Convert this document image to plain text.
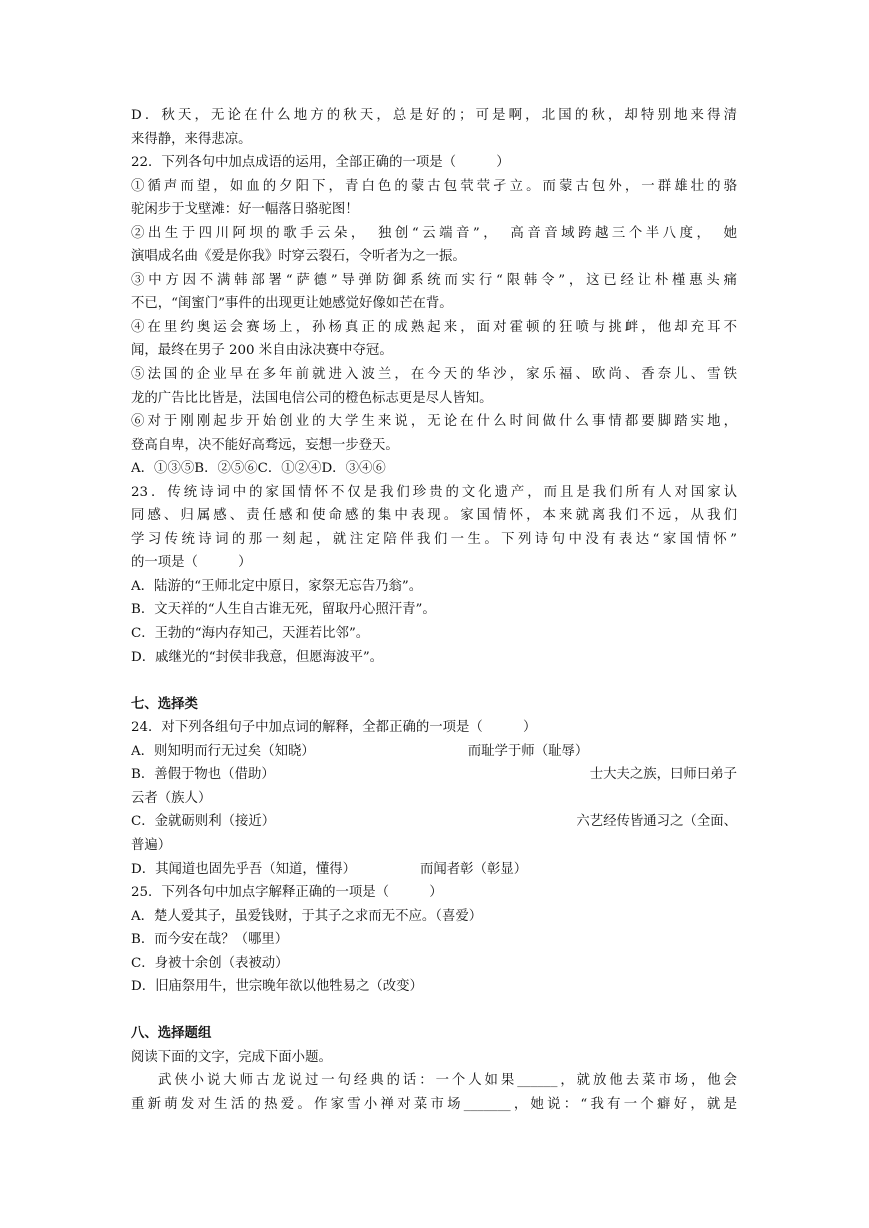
D．秋天，无论在什么地方的秋天，总是好的；可是啊，北国的秋，却特别地来得清
来得静，来得悲凉。
22．下列各句中加点成语的运用，全部正确的一项是（　　　）
①循声而望，如血的夕阳下，青白色的蒙古包茕茕孑立。而蒙古包外，一群雄壮的骆
驼闲步于戈壁滩：好一幅落日骆驼图！
②出生于四川阿坝的歌手云朵，　独创“云端音”，　高音音域跨越三个半八度，　她
演唱成名曲《爱是你我》时穿云裂石，令听者为之一振。
③中方因不满韩部署“萨德”导弹防御系统而实行“限韩令”，这已经让朴槿惠头痛
不已，“闺蜜门”事件的出现更让她感觉好像如芒在背。
④在里约奥运会赛场上，孙杨真正的成熟起来，面对霍顿的狂喷与挑衅，他却充耳不
闻，最终在男子 200 米自由泳决赛中夺冠。
⑤法国的企业早在多年前就进入波兰，在今天的华沙，家乐福、欧尚、香奈儿、雪铁
龙的广告比比皆是，法国电信公司的橙色标志更是尽人皆知。
⑥对于刚刚起步开始创业的大学生来说，无论在什么时间做什么事情都要脚踏实地，
登高自卑，决不能好高骛远，妄想一步登天。
A．①③⑤B．②⑤⑥C．①②④D．③④⑥
23．传统诗词中的家国情怀不仅是我们珍贵的文化遗产，而且是我们所有人对国家认
同感、归属感、责任感和使命感的集中表现。家国情怀，本来就离我们不远，从我们
学习传统诗词的那一刻起，就注定陪伴我们一生。下列诗句中没有表达“家国情怀”
的一项是（　　　）
A．陆游的“王师北定中原日，家祭无忘告乃翁”。
B．文天祥的“人生自古谁无死，留取丹心照汗青”。
C．王勃的“海内存知己，天涯若比邻”。
D．戚继光的“封侯非我意，但愿海波平”。
七、选择类
24．对下列各组句子中加点词的解释，全都正确的一项是（　　　）
A．则知明而行无过矣（知晓）	而耻学于师（耻辱）
B．善假于物也（借助）	士大夫之族，曰师曰弟子
云者（族人）
C．金就砺则利（接近）	六艺经传皆通习之（全面、
普遍）
D．其闻道也固先乎吾（知道，懂得）	而闻者彰（彰显）
25．下列各句中加点字解释正确的一项是（　　　）
A．楚人爱其子，虽爱钱财，于其子之求而无不应。（喜爱）
B．而今安在哉？（哪里）
C．身被十余创（表被动）
D．旧庙祭用牛，世宗晚年欲以他牲易之（改变）
八、选择题组
阅读下面的文字，完成下面小题。
武侠小说大师古龙说过一句经典的话：一个人如果______，就放他去菜市场，他会
重新萌发对生活的热爱。作家雪小禅对菜市场_______，她说：“我有一个癖好，就是
